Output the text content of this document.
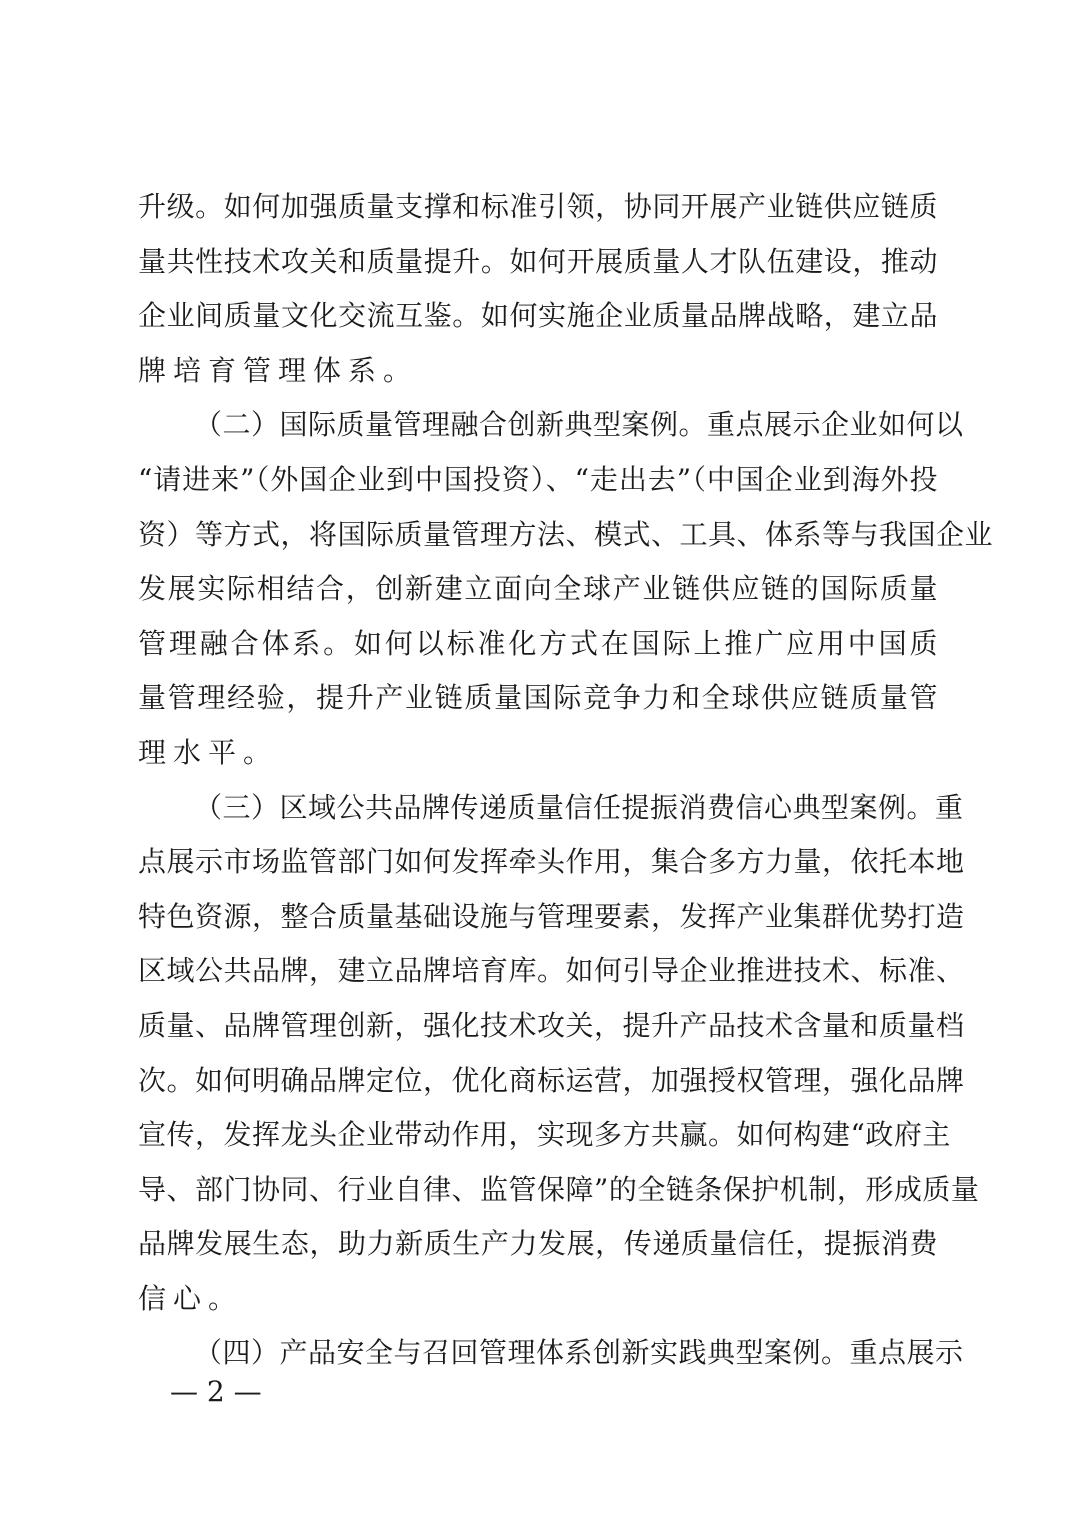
升级。如何加强质量支撑和标准引领，协同开展产业链供应链质
量共性技术攻关和质量提升。如何开展质量人才队伍建设，推动
企业间质量文化交流互鉴。如何实施企业质量品牌战略，建立品
牌培育管理体系。
（二）国际质量管理融合创新典型案例。重点展示企业如何以
“请进来”（外国企业到中国投资）、“走出去”（中国企业到海外投
资）等方式，将国际质量管理方法、模式、工具、体系等与我国企业
发展实际相结合，创新建立面向全球产业链供应链的国际质量
管理融合体系。如何以标准化方式在国际上推广应用中国质
量管理经验，提升产业链质量国际竞争力和全球供应链质量管
理水平。
（三）区域公共品牌传递质量信任提振消费信心典型案例。重
点展示市场监管部门如何发挥牵头作用，集合多方力量，依托本地
特色资源，整合质量基础设施与管理要素，发挥产业集群优势打造
区域公共品牌，建立品牌培育库。如何引导企业推进技术、标准、
质量、品牌管理创新，强化技术攻关，提升产品技术含量和质量档
次。如何明确品牌定位，优化商标运营，加强授权管理，强化品牌
宣传，发挥龙头企业带动作用，实现多方共赢。如何构建“政府主
导、部门协同、行业自律、监管保障”的全链条保护机制，形成质量
品牌发展生态，助力新质生产力发展，传递质量信任，提振消费
信心。
（四）产品安全与召回管理体系创新实践典型案例。重点展示
— 2 —
